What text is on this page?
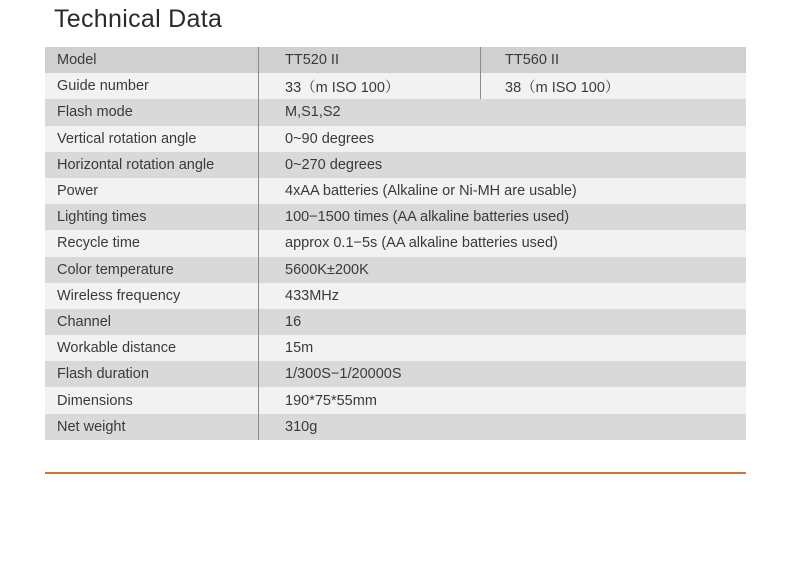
Technical Data
Model	TT520 II	TT560 II
Guide number	33（m ISO 100）	38（m ISO 100）
Flash mode	M,S1,S2
Vertical rotation angle	0~90 degrees
Horizontal rotation angle	0~270 degrees
Power	4xAA batteries (Alkaline or Ni-MH are usable)
Lighting times	100−1500 times (AA alkaline batteries used)
Recycle time	approx 0.1−5s (AA alkaline batteries used)
Color temperature	5600K±200K
Wireless frequency	433MHz
Channel	16
Workable distance	15m
Flash duration	1/300S−1/20000S
Dimensions	190*75*55mm
Net weight	310g
